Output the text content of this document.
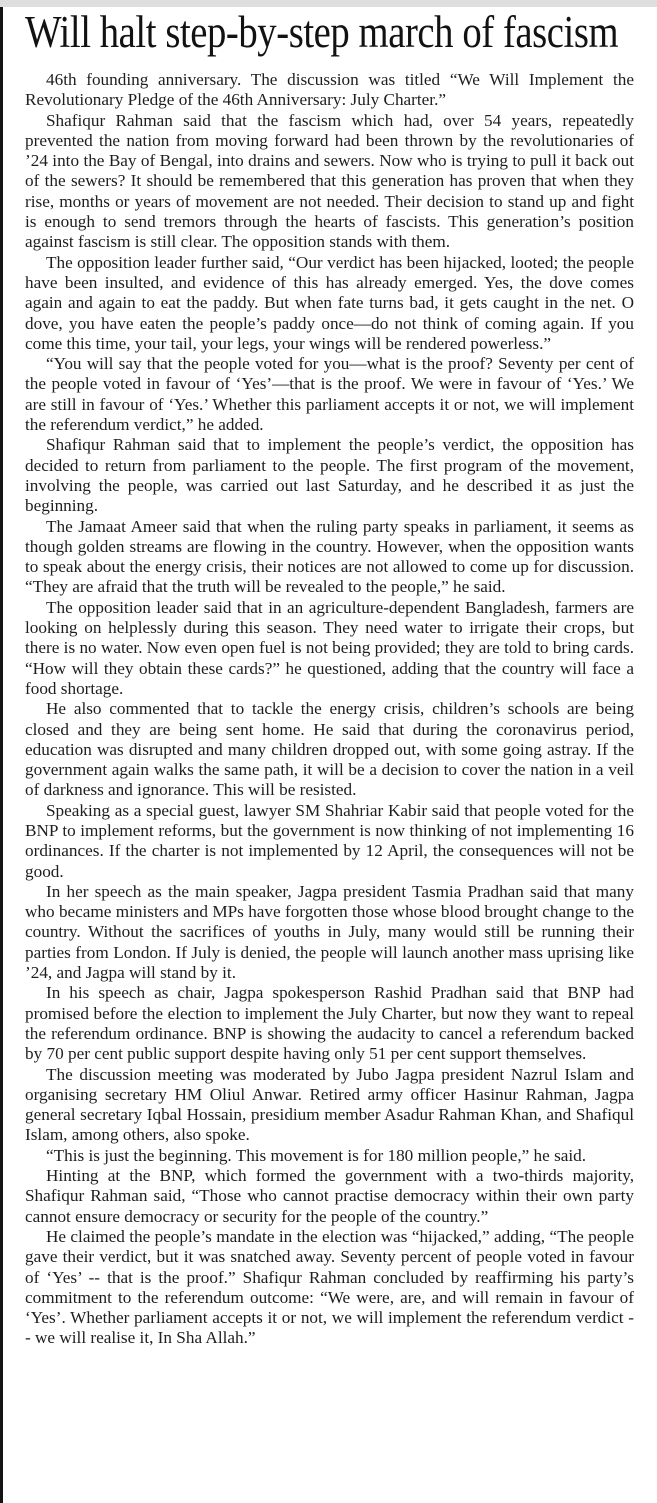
Will halt step-by-step march of fascism

46th founding anniversary. The discussion was titled “We Will Implement the Revolutionary Pledge of the 46th Anniversary: July Charter.”

Shafiqur Rahman said that the fascism which had, over 54 years, repeatedly prevented the nation from moving forward had been thrown by the revolutionaries of ’24 into the Bay of Bengal, into drains and sewers. Now who is trying to pull it back out of the sewers? It should be remembered that this generation has proven that when they rise, months or years of movement are not needed. Their decision to stand up and fight is enough to send tremors through the hearts of fascists. This generation’s position against fascism is still clear. The opposition stands with them.

The opposition leader further said, “Our verdict has been hijacked, looted; the people have been insulted, and evidence of this has already emerged. Yes, the dove comes again and again to eat the paddy. But when fate turns bad, it gets caught in the net. O dove, you have eaten the people’s paddy once—do not think of coming again. If you come this time, your tail, your legs, your wings will be rendered powerless.”

“You will say that the people voted for you—what is the proof? Seventy per cent of the people voted in favour of ‘Yes’—that is the proof. We were in favour of ‘Yes.’ We are still in favour of ‘Yes.’ Whether this parliament accepts it or not, we will implement the referendum verdict,” he added.

Shafiqur Rahman said that to implement the people’s verdict, the opposition has decided to return from parliament to the people. The first program of the movement, involving the people, was carried out last Saturday, and he described it as just the beginning.

The Jamaat Ameer said that when the ruling party speaks in parliament, it seems as though golden streams are flowing in the country. However, when the opposition wants to speak about the energy crisis, their notices are not allowed to come up for discussion. “They are afraid that the truth will be revealed to the people,” he said.

The opposition leader said that in an agriculture-dependent Bangladesh, farmers are looking on helplessly during this season. They need water to irrigate their crops, but there is no water. Now even open fuel is not being provided; they are told to bring cards. “How will they obtain these cards?” he questioned, adding that the country will face a food shortage.

He also commented that to tackle the energy crisis, children’s schools are being closed and they are being sent home. He said that during the coronavirus period, education was disrupted and many children dropped out, with some going astray. If the government again walks the same path, it will be a decision to cover the nation in a veil of darkness and ignorance. This will be resisted.

Speaking as a special guest, lawyer SM Shahriar Kabir said that people voted for the BNP to implement reforms, but the government is now thinking of not implementing 16 ordinances. If the charter is not implemented by 12 April, the consequences will not be good.

In her speech as the main speaker, Jagpa president Tasmia Pradhan said that many who became ministers and MPs have forgotten those whose blood brought change to the country. Without the sacrifices of youths in July, many would still be running their parties from London. If July is denied, the people will launch another mass uprising like ’24, and Jagpa will stand by it.

In his speech as chair, Jagpa spokesperson Rashid Pradhan said that BNP had promised before the election to implement the July Charter, but now they want to repeal the referendum ordinance. BNP is showing the audacity to cancel a referendum backed by 70 per cent public support despite having only 51 per cent support themselves.

The discussion meeting was moderated by Jubo Jagpa president Nazrul Islam and organising secretary HM Oliul Anwar. Retired army officer Hasinur Rahman, Jagpa general secretary Iqbal Hossain, presidium member Asadur Rahman Khan, and Shafiqul Islam, among others, also spoke.

“This is just the beginning. This movement is for 180 million people,” he said.

Hinting at the BNP, which formed the government with a two-thirds majority, Shafiqur Rahman said, “Those who cannot practise democracy within their own party cannot ensure democracy or security for the people of the country.”

He claimed the people’s mandate in the election was “hijacked,” adding, “The people gave their verdict, but it was snatched away. Seventy percent of people voted in favour of ‘Yes’ -- that is the proof.” Shafiqur Rahman concluded by reaffirming his party’s commitment to the referendum outcome: “We were, are, and will remain in favour of ‘Yes’. Whether parliament accepts it or not, we will implement the referendum verdict -- we will realise it, In Sha Allah.”
